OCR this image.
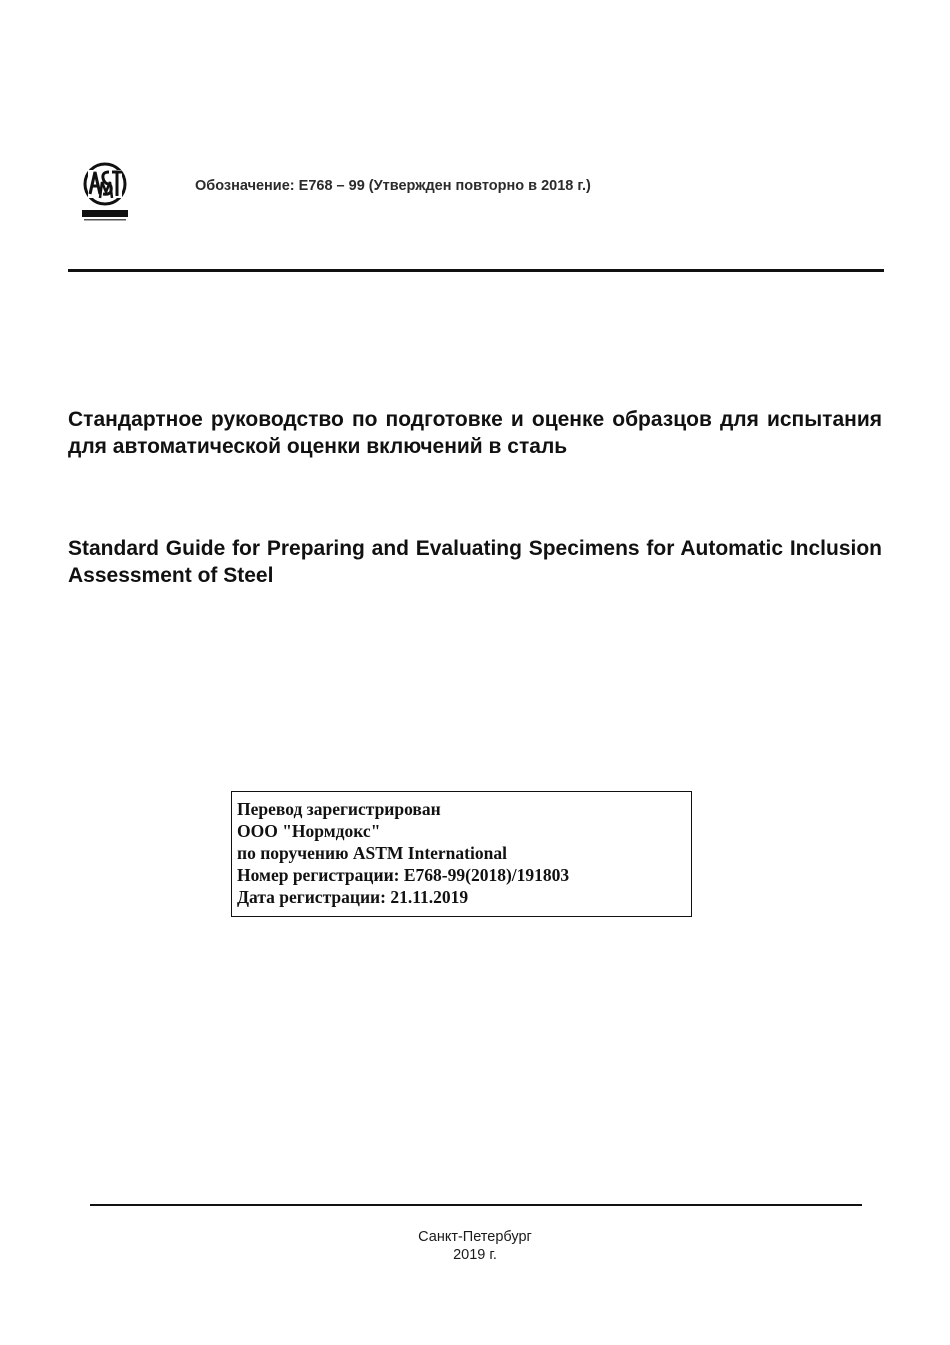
Обозначение: E768 – 99 (Утвержден повторно в 2018 г.)
Стандартное руководство по подготовке и оценке образцов для испытания для автоматической оценки включений в сталь
Standard Guide for Preparing and Evaluating Specimens for Automatic Inclusion Assessment of Steel
Перевод зарегистрирован
ООО "Нормдокс"
по поручению ASTM International
Номер регистрации: E768-99(2018)/191803
Дата регистрации: 21.11.2019
Санкт-Петербург
2019 г.
